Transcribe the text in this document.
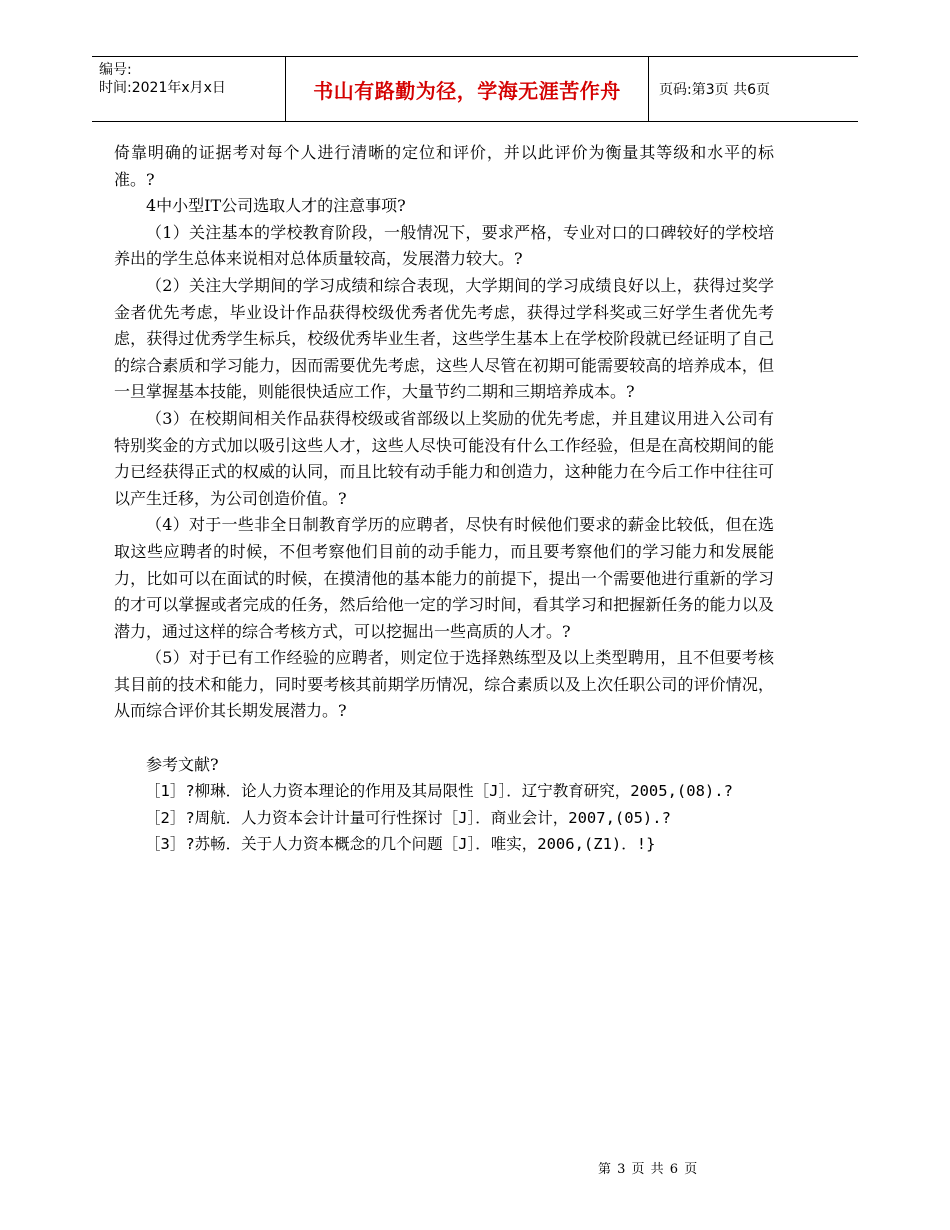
编号:
时间:2021年x月x日	书山有路勤为径，学海无涯苦作舟	页码:第3页 共6页

倚靠明确的证据考对每个人进行清晰的定位和评价，并以此评价为衡量其等级和水平的标准。?

4中小型IT公司选取人才的注意事项?

（1）关注基本的学校教育阶段，一般情况下，要求严格，专业对口的口碑较好的学校培养出的学生总体来说相对总体质量较高，发展潜力较大。?

（2）关注大学期间的学习成绩和综合表现，大学期间的学习成绩良好以上，获得过奖学金者优先考虑，毕业设计作品获得校级优秀者优先考虑，获得过学科奖或三好学生者优先考虑，获得过优秀学生标兵，校级优秀毕业生者，这些学生基本上在学校阶段就已经证明了自己的综合素质和学习能力，因而需要优先考虑，这些人尽管在初期可能需要较高的培养成本，但一旦掌握基本技能，则能很快适应工作，大量节约二期和三期培养成本。?

（3）在校期间相关作品获得校级或省部级以上奖励的优先考虑，并且建议用进入公司有特别奖金的方式加以吸引这些人才，这些人尽快可能没有什么工作经验，但是在高校期间的能力已经获得正式的权威的认同，而且比较有动手能力和创造力，这种能力在今后工作中往往可以产生迁移，为公司创造价值。?

（4）对于一些非全日制教育学历的应聘者，尽快有时候他们要求的薪金比较低，但在选取这些应聘者的时候，不但考察他们目前的动手能力，而且要考察他们的学习能力和发展能力，比如可以在面试的时候，在摸清他的基本能力的前提下，提出一个需要他进行重新的学习的才可以掌握或者完成的任务，然后给他一定的学习时间，看其学习和把握新任务的能力以及潜力，通过这样的综合考核方式，可以挖掘出一些高质的人才。?

（5）对于已有工作经验的应聘者，则定位于选择熟练型及以上类型聘用，且不但要考核其目前的技术和能力，同时要考核其前期学历情况，综合素质以及上次任职公司的评价情况，从而综合评价其长期发展潜力。?

参考文献?

［1］?柳琳．论人力资本理论的作用及其局限性［J］．辽宁教育研究，2005,(08).?

［2］?周航．人力资本会计计量可行性探讨［J］．商业会计，2007,(05).?

［3］?苏畅．关于人力资本概念的几个问题［J］．唯实，2006,(Z1)．!}

第 3 页 共 6 页
